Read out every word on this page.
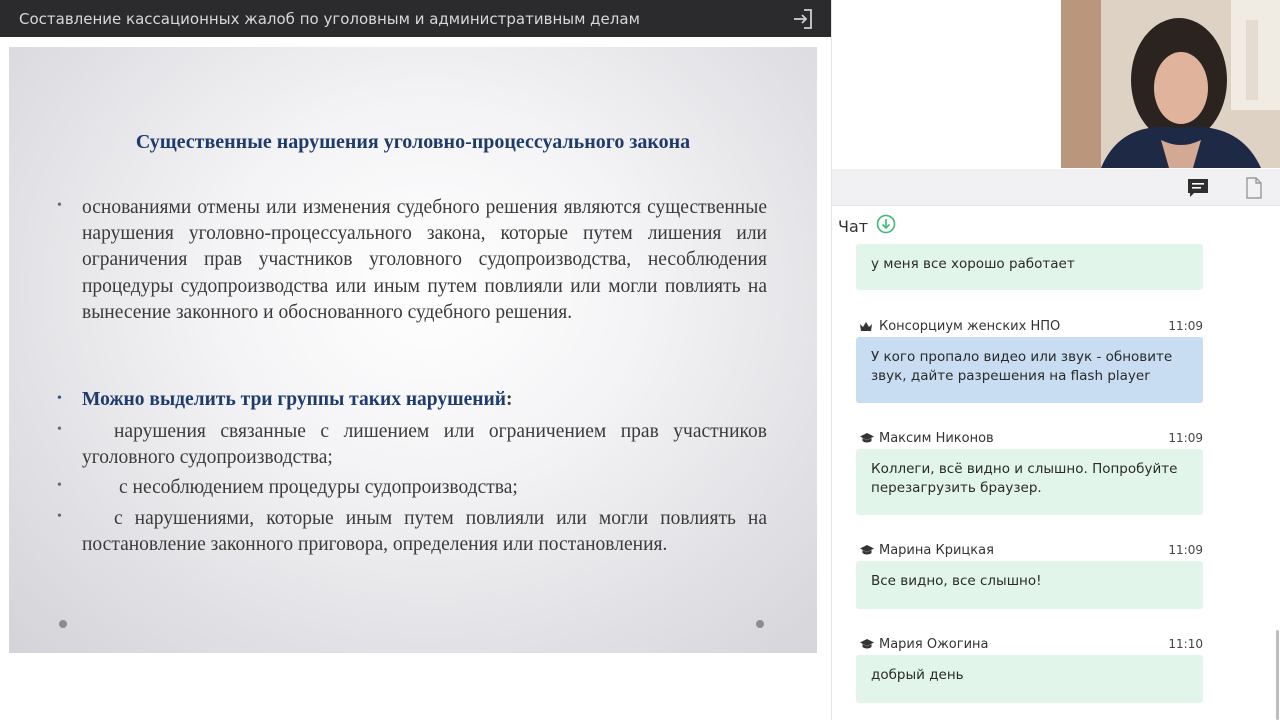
Составление кассационных жалоб по уголовным и административным делам
Существенные нарушения уголовно-процессуального закона
• основаниями отмены или изменения судебного решения являются существенные нарушения уголовно-процессуального закона, которые путем лишения или ограничения прав участников уголовного судопроизводства, несоблюдения процедуры судопроизводства или иным путем повлияли или могли повлиять на вынесение законного и обоснованного судебного решения.
• Можно выделить три группы таких нарушений:
•	нарушения связанные с лишением или ограничением прав участников уголовного судопроизводства;
•	с несоблюдением процедуры судопроизводства;
•	с нарушениями, которые иным путем повлияли или могли повлиять на постановление законного приговора, определения или постановления.
Чат
у меня все хорошо работает
Консорциум женских НПО	11:09
У кого пропало видео или звук - обновите звук, дайте разрешения на flash player
Максим Никонов	11:09
Коллеги, всё видно и слышно. Попробуйте перезагрузить браузер.
Марина Крицкая	11:09
Все видно, все слышно!
Мария Ожогина	11:10
добрый день
